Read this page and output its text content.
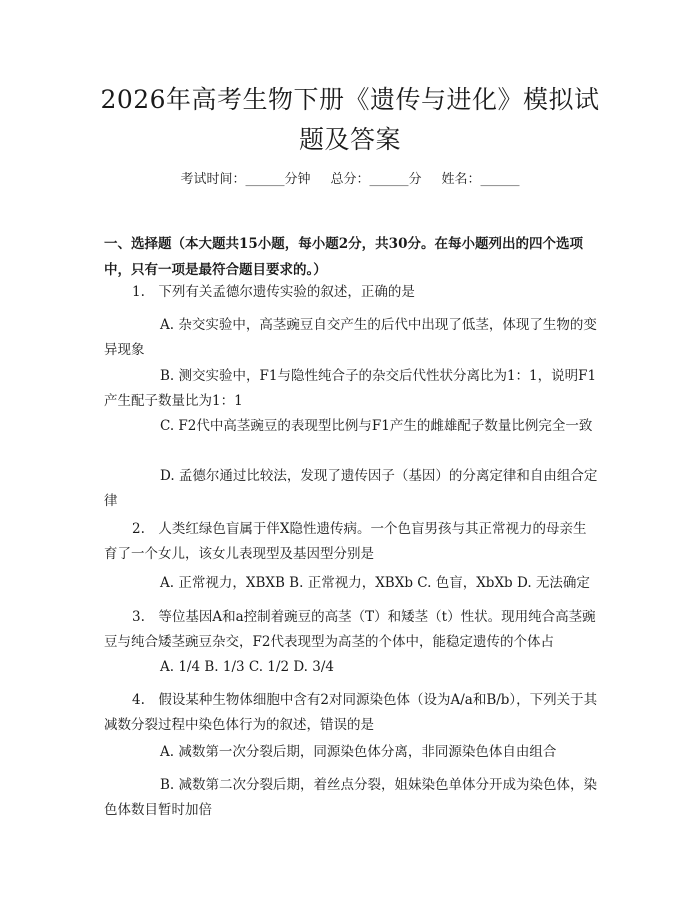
2026年高考生物下册《遗传与进化》模拟试题及答案
考试时间：______分钟 总分：______分 姓名：______
一、选择题（本大题共15小题，每小题2分，共30分。在每小题列出的四个选项中，只有一项是最符合题目要求的。）
1.　下列有关孟德尔遗传实验的叙述，正确的是
A. 杂交实验中，高茎豌豆自交产生的后代中出现了低茎，体现了生物的变异现象
B. 测交实验中，F1与隐性纯合子的杂交后代性状分离比为1：1，说明F1产生配子数量比为1：1
C. F2代中高茎豌豆的表现型比例与F1产生的雌雄配子数量比例完全一致
D. 孟德尔通过比较法，发现了遗传因子（基因）的分离定律和自由组合定律
2.　人类红绿色盲属于伴X隐性遗传病。一个色盲男孩与其正常视力的母亲生育了一个女儿，该女儿表现型及基因型分别是
A. 正常视力，XBXB B. 正常视力，XBXb C. 色盲，XbXb D. 无法确定
3.　等位基因A和a控制着豌豆的高茎（T）和矮茎（t）性状。现用纯合高茎豌豆与纯合矮茎豌豆杂交，F2代表现型为高茎的个体中，能稳定遗传的个体占
A. 1/4 B. 1/3 C. 1/2 D. 3/4
4.　假设某种生物体细胞中含有2对同源染色体（设为A/a和B/b），下列关于其减数分裂过程中染色体行为的叙述，错误的是
A. 减数第一次分裂后期，同源染色体分离，非同源染色体自由组合
B. 减数第二次分裂后期，着丝点分裂，姐妹染色单体分开成为染色体，染色体数目暂时加倍
